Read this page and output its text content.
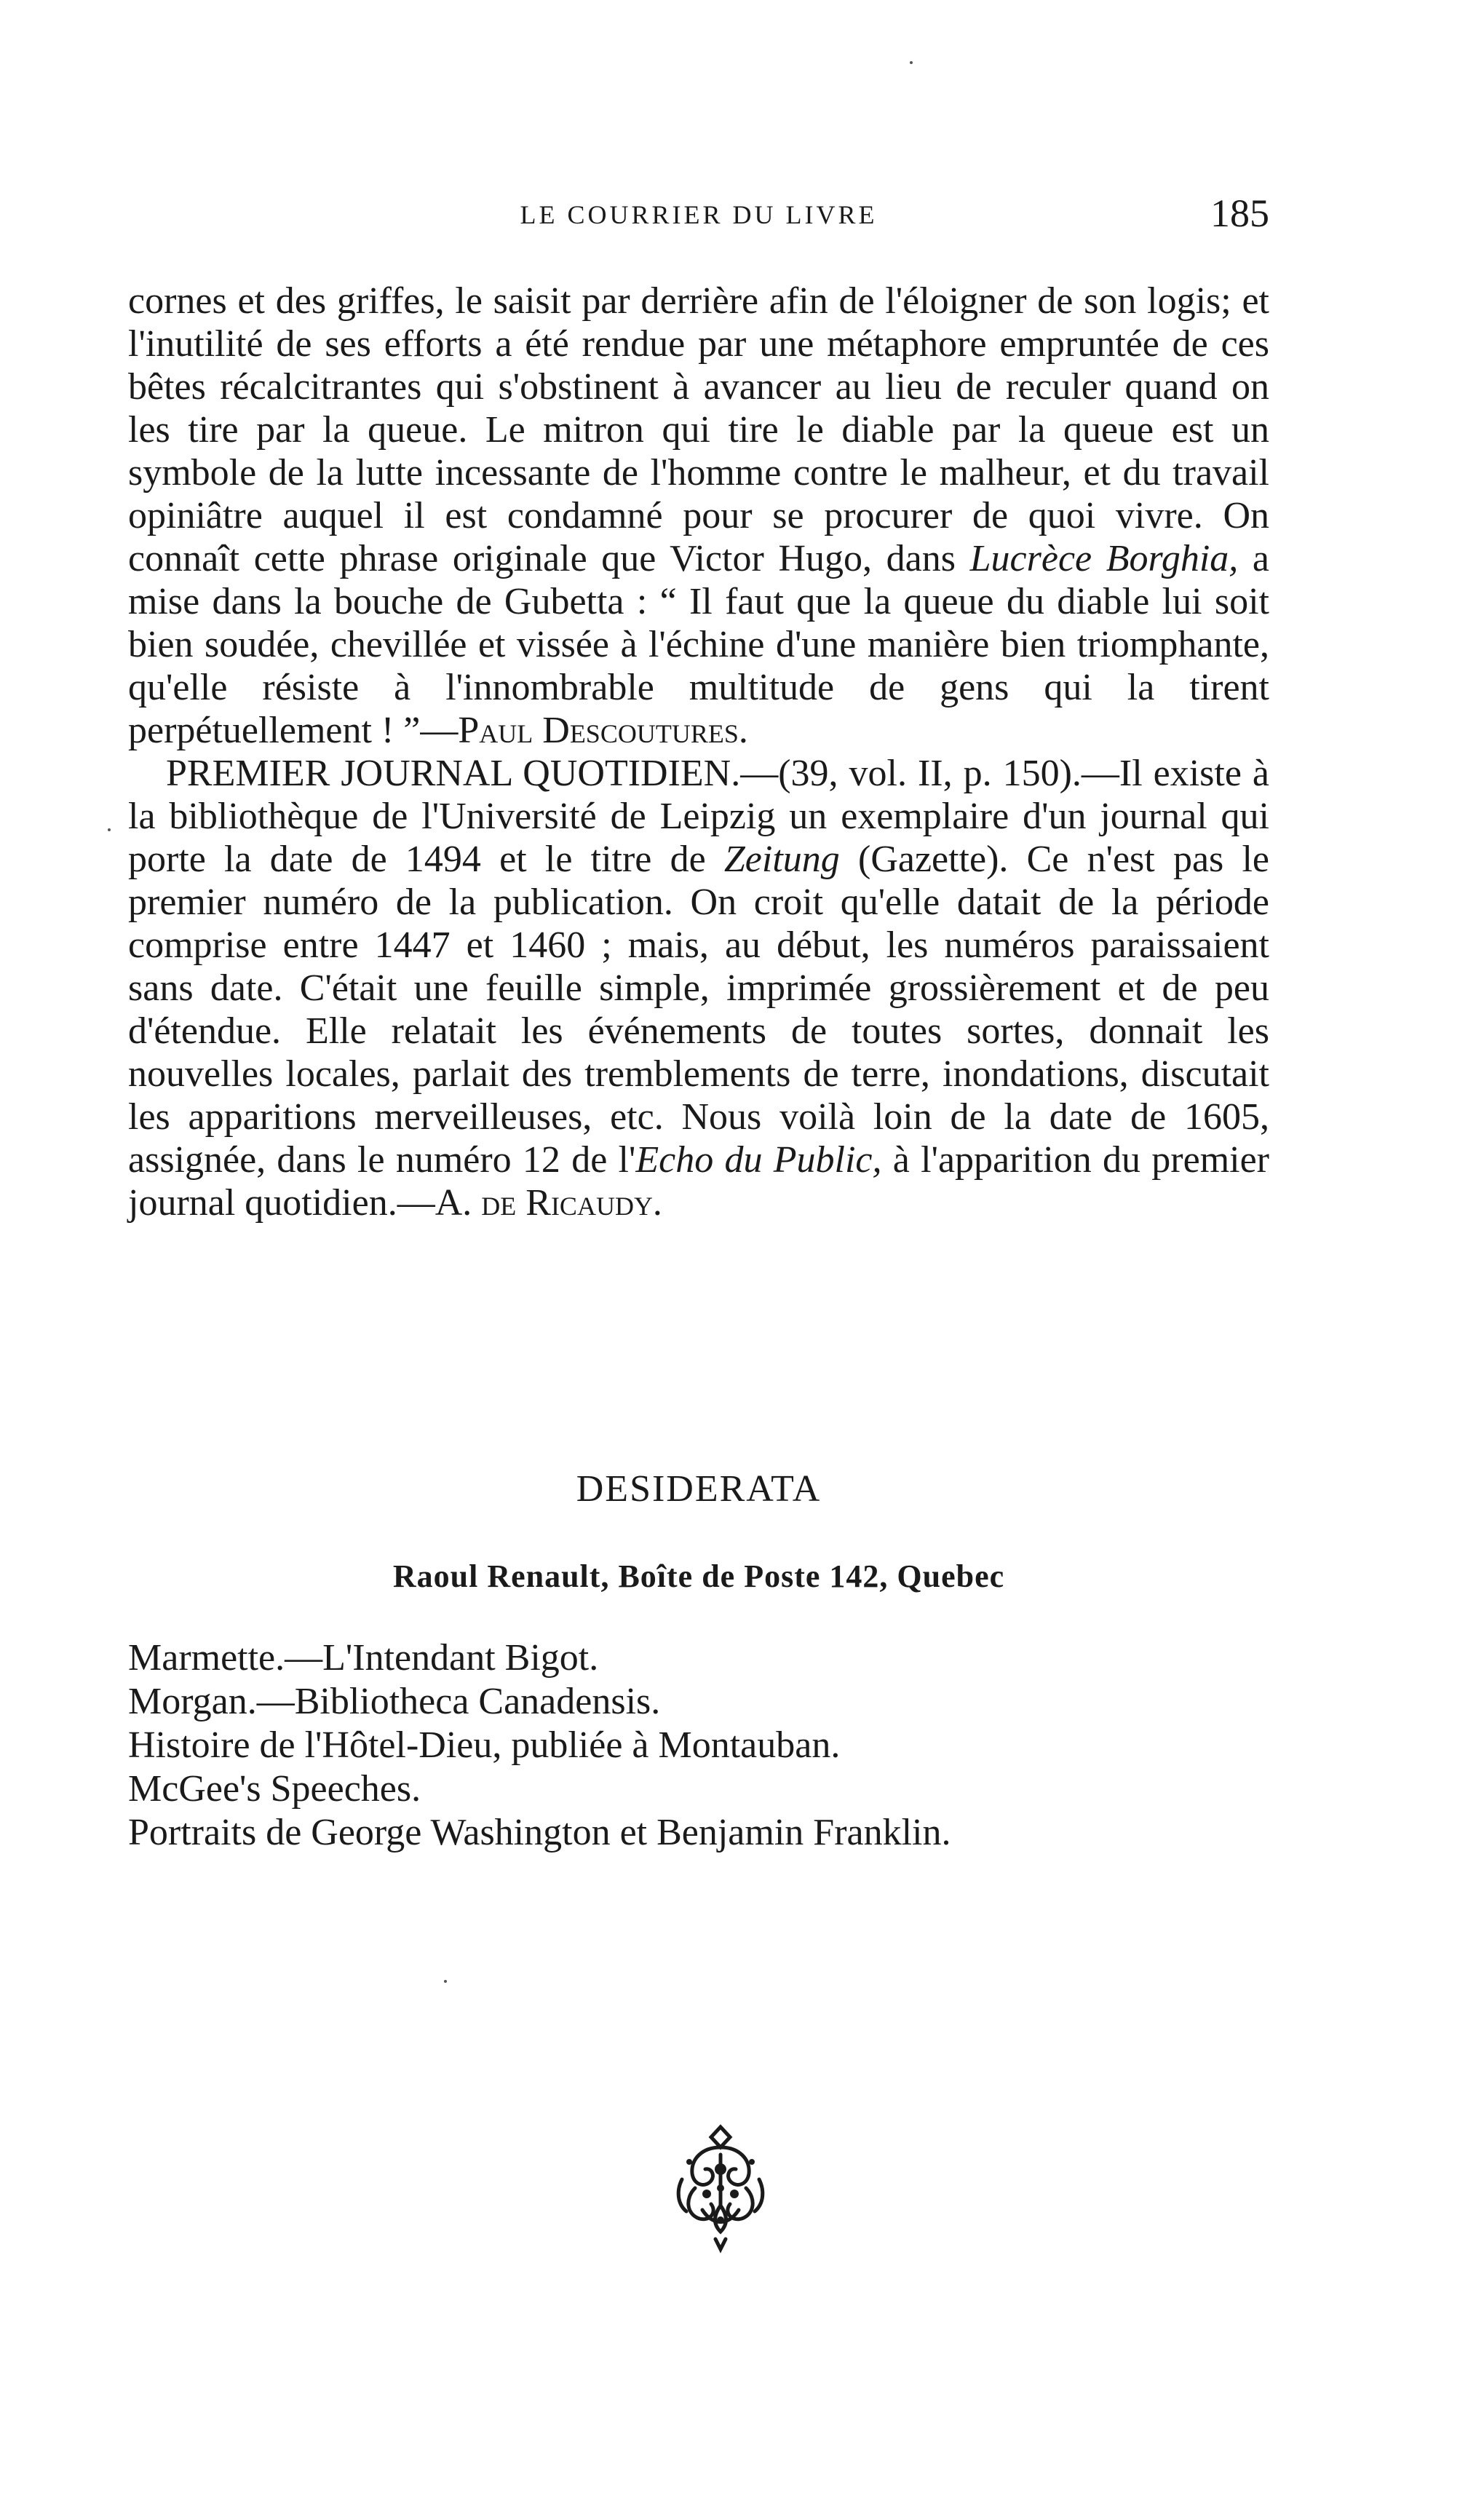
LE COURRIER DU LIVRE	185

cornes et des griffes, le saisit par derrière afin de l'éloigner de son logis; et l'inutilité de ses efforts a été rendue par une métaphore empruntée de ces bêtes récalcitrantes qui s'obstinent à avancer au lieu de reculer quand on les tire par la queue. Le mitron qui tire le diable par la queue est un symbole de la lutte incessante de l'homme contre le malheur, et du travail opiniâtre auquel il est condamné pour se procurer de quoi vivre. On connaît cette phrase originale que Victor Hugo, dans Lucrèce Borghia, a mise dans la bouche de Gubetta : “ Il faut que la queue du diable lui soit bien soudée, chevillée et vissée à l'échine d'une manière bien triomphante, qu'elle résiste à l'innombrable multitude de gens qui la tirent perpétuellement ! ”—Paul Descoutures.

PREMIER JOURNAL QUOTIDIEN.—(39, vol. II, p. 150).—Il existe à la bibliothèque de l'Université de Leipzig un exemplaire d'un journal qui porte la date de 1494 et le titre de Zeitung (Gazette). Ce n'est pas le premier numéro de la publication. On croit qu'elle datait de la période comprise entre 1447 et 1460 ; mais, au début, les numéros paraissaient sans date. C'était une feuille simple, imprimée grossièrement et de peu d'étendue. Elle relatait les événements de toutes sortes, donnait les nouvelles locales, parlait des tremblements de terre, inondations, discutait les apparitions merveilleuses, etc. Nous voilà loin de la date de 1605, assignée, dans le numéro 12 de l'Echo du Public, à l'apparition du premier journal quotidien.—A. de Ricaudy.

DESIDERATA
Raoul Renault, Boîte de Poste 142, Quebec
Marmette.—L'Intendant Bigot.
Morgan.—Bibliotheca Canadensis.
Histoire de l'Hôtel-Dieu, publiée à Montauban.
McGee's Speeches.
Portraits de George Washington et Benjamin Franklin.
